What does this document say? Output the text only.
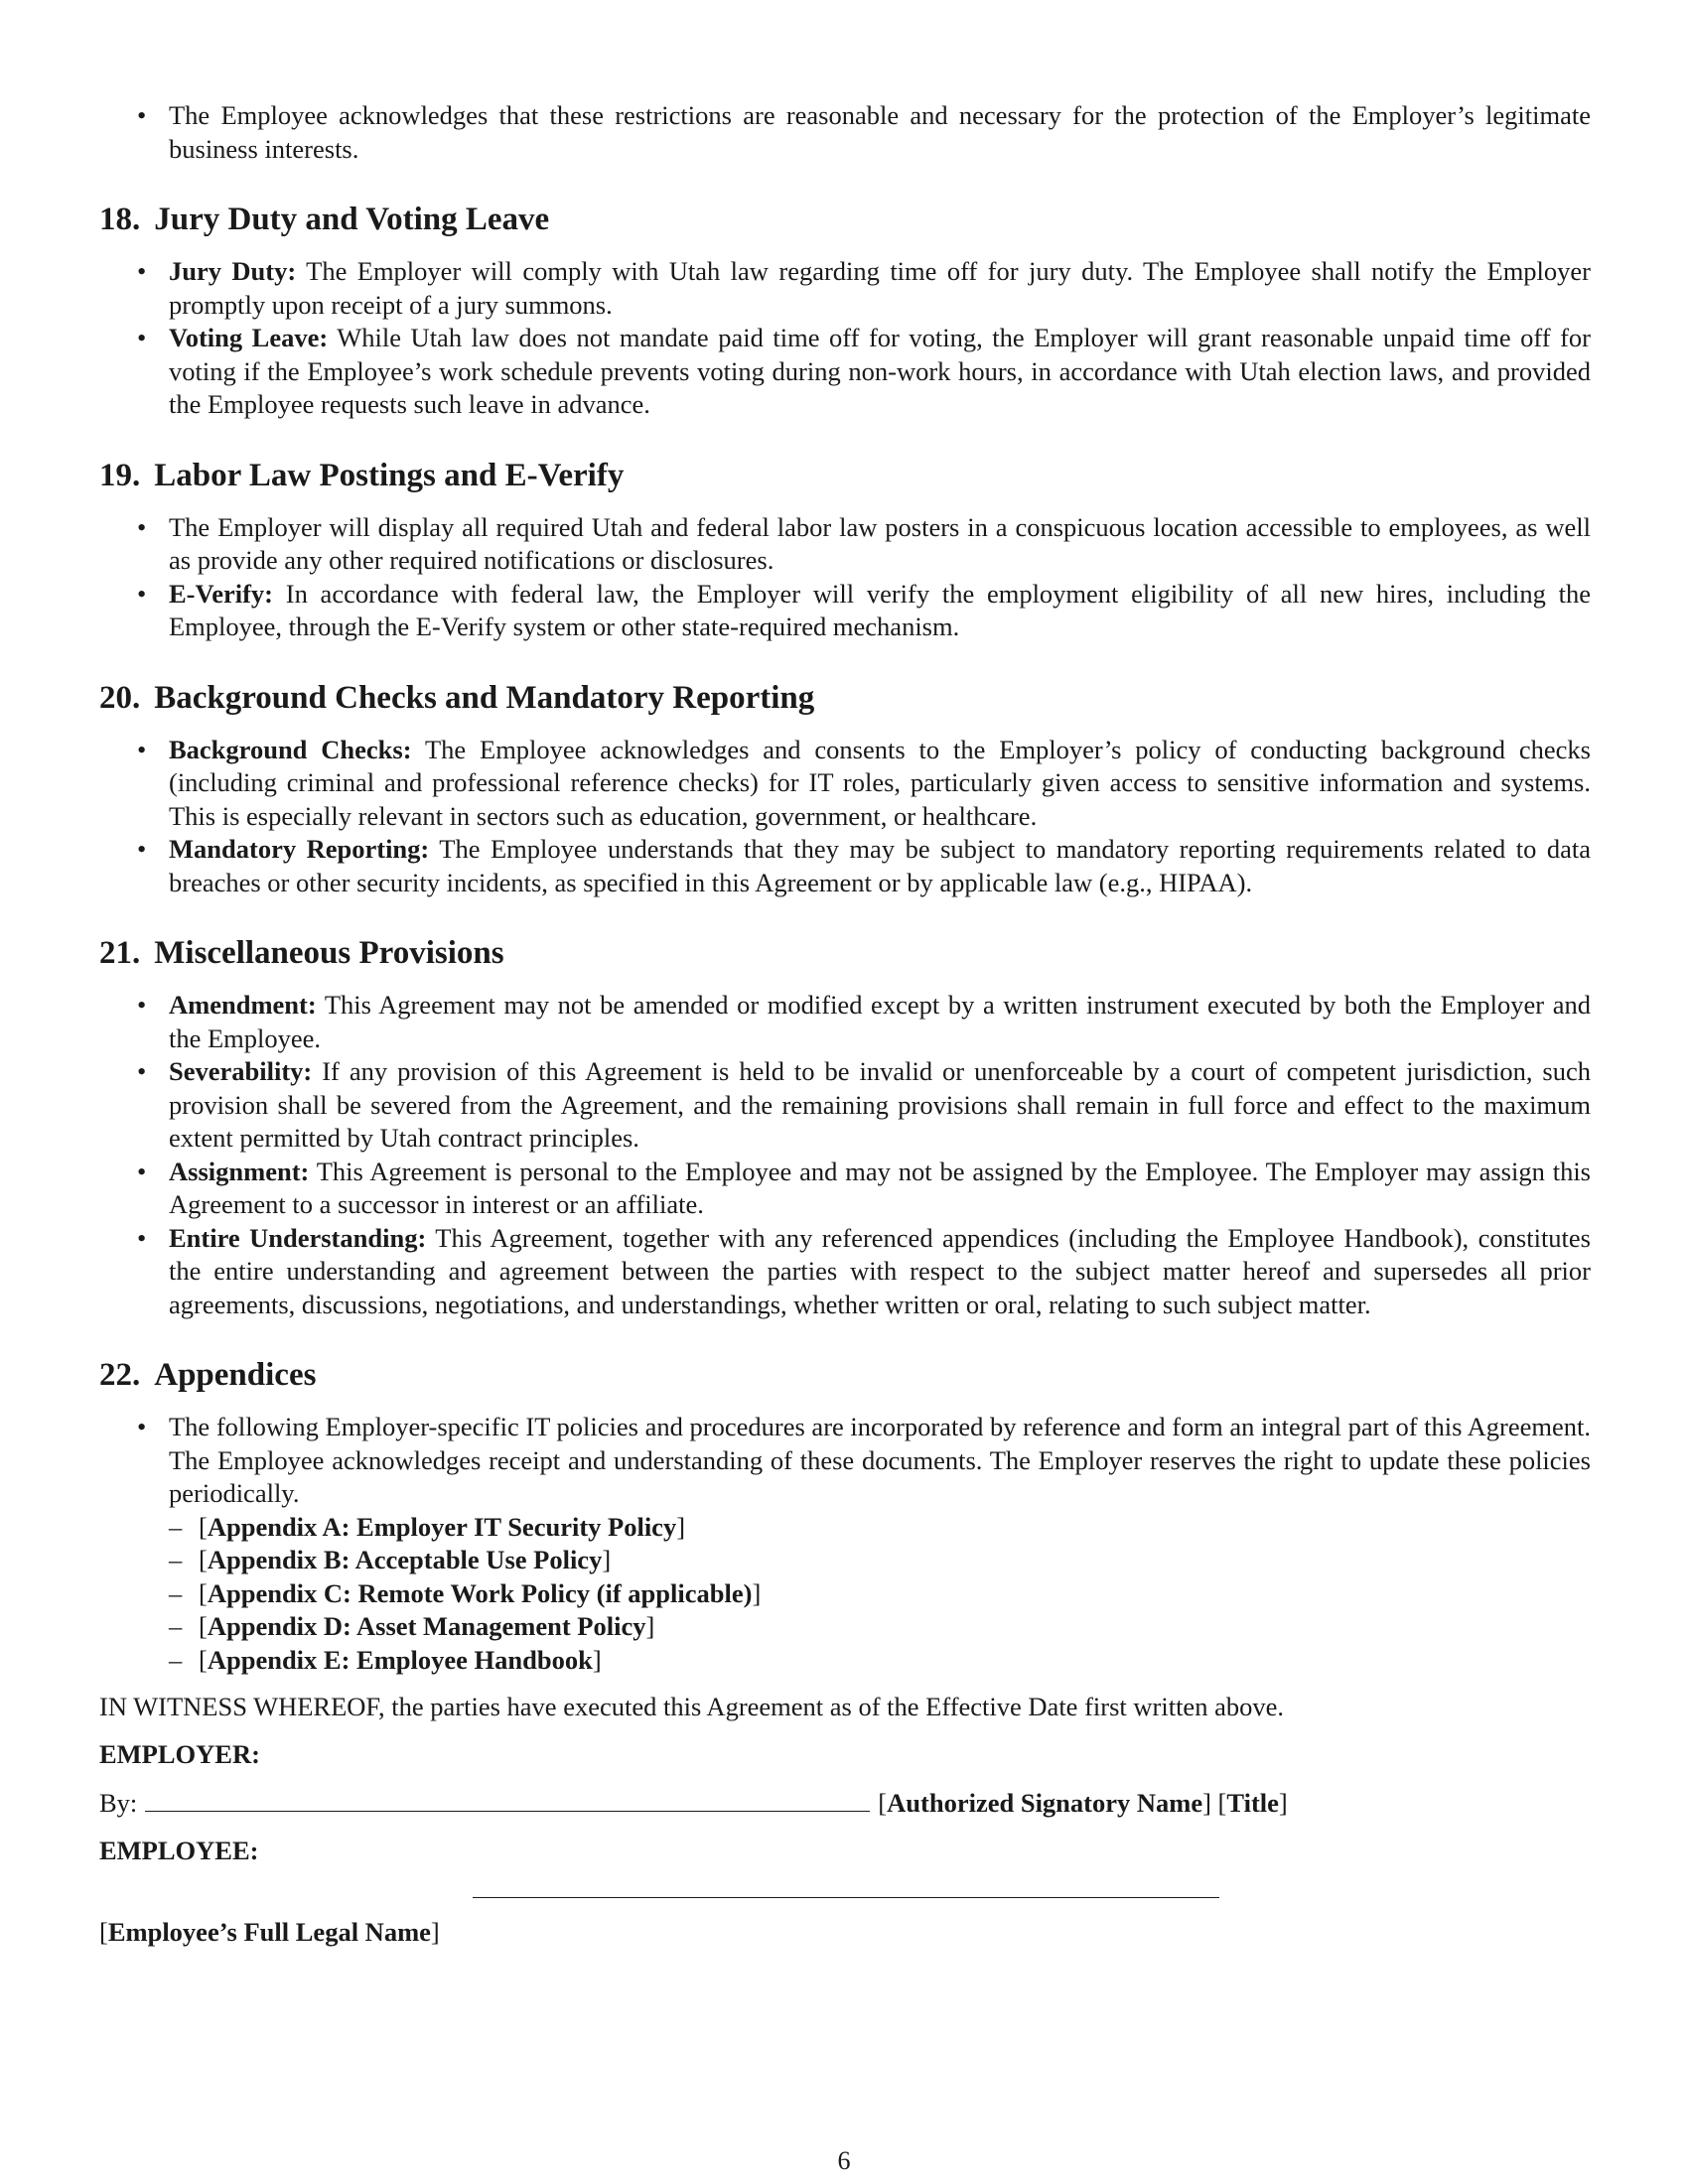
• The Employee acknowledges that these restrictions are reasonable and necessary for the protection of the Employer’s legitimate business interests.
18. Jury Duty and Voting Leave
• Jury Duty: The Employer will comply with Utah law regarding time off for jury duty. The Employee shall notify the Employer promptly upon receipt of a jury summons.
• Voting Leave: While Utah law does not mandate paid time off for voting, the Employer will grant reasonable unpaid time off for voting if the Employee’s work schedule prevents voting during non-work hours, in accordance with Utah election laws, and provided the Employee requests such leave in advance.
19. Labor Law Postings and E-Verify
• The Employer will display all required Utah and federal labor law posters in a conspicuous location accessible to employees, as well as provide any other required notifications or disclosures.
• E-Verify: In accordance with federal law, the Employer will verify the employment eligibility of all new hires, including the Employee, through the E-Verify system or other state-required mechanism.
20. Background Checks and Mandatory Reporting
• Background Checks: The Employee acknowledges and consents to the Employer’s policy of conducting background checks (including criminal and professional reference checks) for IT roles, particularly given access to sensitive information and systems. This is especially relevant in sectors such as education, government, or healthcare.
• Mandatory Reporting: The Employee understands that they may be subject to mandatory reporting requirements related to data breaches or other security incidents, as specified in this Agreement or by applicable law (e.g., HIPAA).
21. Miscellaneous Provisions
• Amendment: This Agreement may not be amended or modified except by a written instrument executed by both the Employer and the Employee.
• Severability: If any provision of this Agreement is held to be invalid or unenforceable by a court of competent jurisdiction, such provision shall be severed from the Agreement, and the remaining provisions shall remain in full force and effect to the maximum extent permitted by Utah contract principles.
• Assignment: This Agreement is personal to the Employee and may not be assigned by the Employee. The Employer may assign this Agreement to a successor in interest or an affiliate.
• Entire Understanding: This Agreement, together with any referenced appendices (including the Employee Handbook), constitutes the entire understanding and agreement between the parties with respect to the subject matter hereof and supersedes all prior agreements, discussions, negotiations, and understandings, whether written or oral, relating to such subject matter.
22. Appendices
• The following Employer-specific IT policies and procedures are incorporated by reference and form an integral part of this Agreement. The Employee acknowledges receipt and understanding of these documents. The Employer reserves the right to update these policies periodically.
– [Appendix A: Employer IT Security Policy]
– [Appendix B: Acceptable Use Policy]
– [Appendix C: Remote Work Policy (if applicable)]
– [Appendix D: Asset Management Policy]
– [Appendix E: Employee Handbook]
IN WITNESS WHEREOF, the parties have executed this Agreement as of the Effective Date first written above.
EMPLOYER:
By:	[Authorized Signatory Name] [Title]
EMPLOYEE:
[Employee’s Full Legal Name]
6
